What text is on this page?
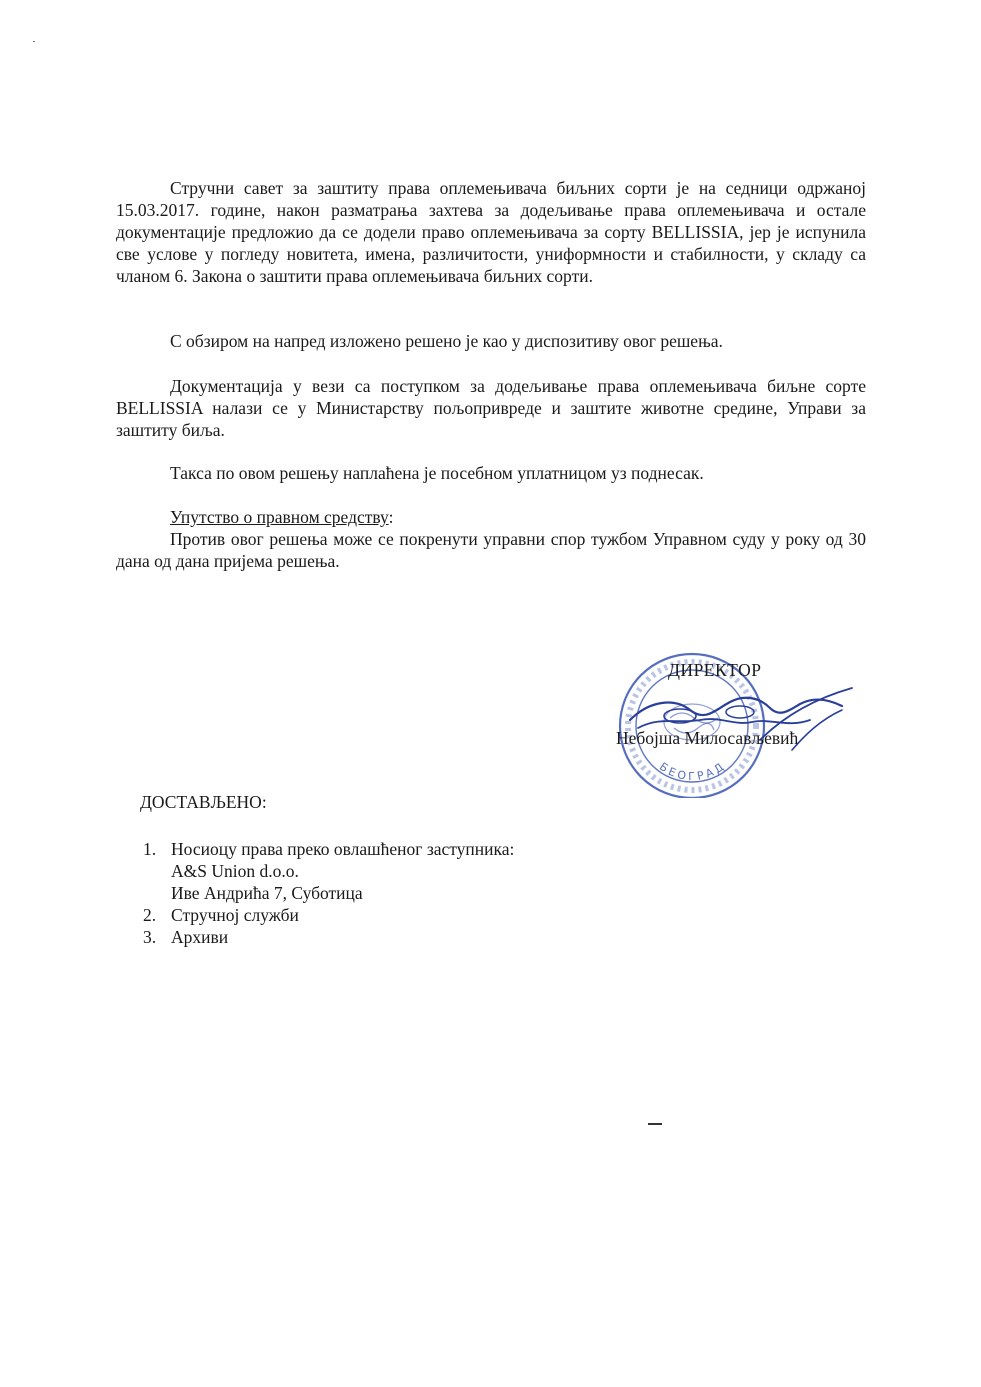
Стручни савет за заштиту права оплемењивача биљних сорти је на седници одржаној 15.03.2017. године, након разматрања захтева за додељивање права оплемењивача и остале документације предложио да се додели право оплемењивача за сорту BELLISSIA, јер је испунила све услове у погледу новитета, имена, различитости, униформности и стабилности, у складу са чланом 6. Закона о заштити права оплемењивача биљних сорти.

С обзиром на напред изложено решено је као у диспозитиву овог решења.

Документација у вези са поступком за додељивање права оплемењивача биљне сорте BELLISSIA налази се у Министарству пољопривреде и заштите животне средине, Управи за заштиту биља.

Такса по овом решењу наплаћена је посебном уплатницом уз поднесак.

Упутство о правном средству:

Против овог решења може се покренути управни спор тужбом Управном суду у року од 30 дана од дана пријема решења.

БЕОГРАД
ДИРЕКТОР
Небојша Милосављевић
ДОСТАВЉЕНО:
1. Носиоцу права преко овлашћеног заступника:
A&S Union d.o.o.
Иве Андрића 7, Суботица
2. Стручној служби
3. Архиви
